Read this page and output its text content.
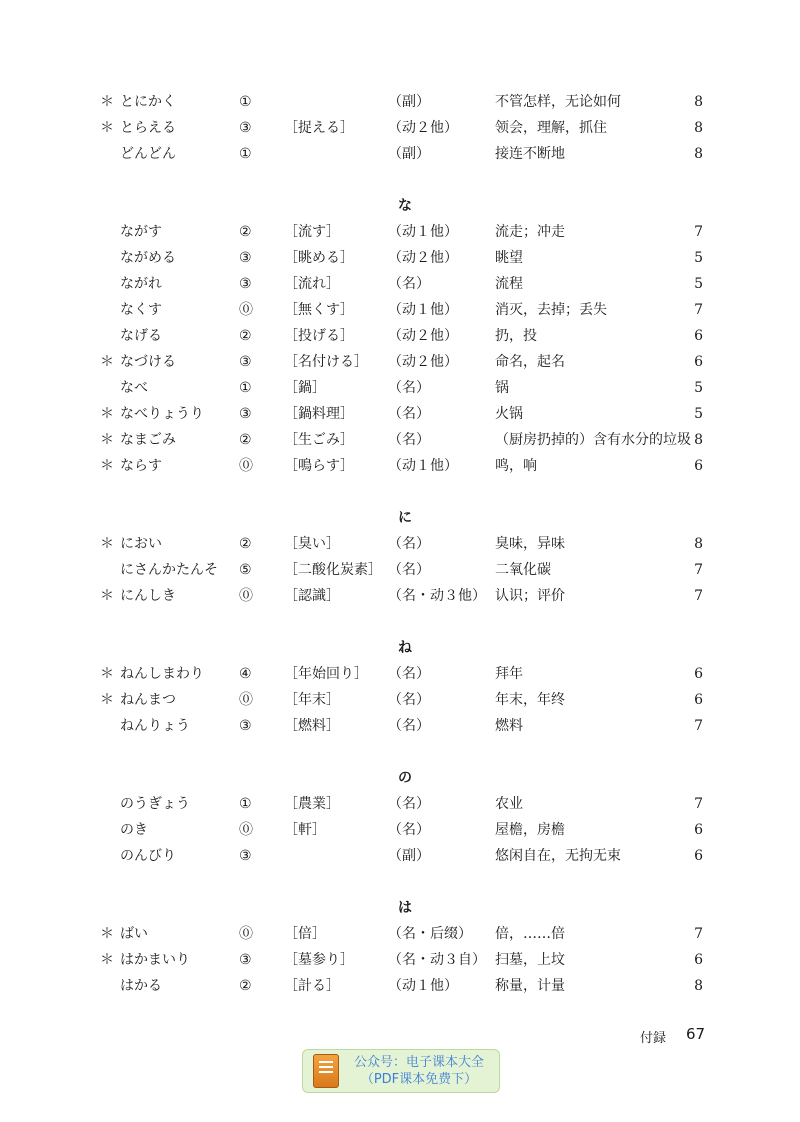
＊ とにかく	①	（副）	不管怎样，无论如何	8
＊ とらえる	③ ［捉える］ （动２他）	领会，理解，抓住	8
どんどん	①	（副）	接连不断地	8
な
ながす	② ［流す］	（动１他）	流走；冲走	7
ながめる	③ ［眺める］ （动２他）	眺望	5
ながれ	③ ［流れ］	（名）	流程	5
なくす	⓪ ［無くす］ （动１他）	消灭，去掉；丢失	7
なげる	② ［投げる］ （动２他）	扔，投	6
＊ なづける	③ ［名付ける］ （动２他）	命名，起名	6
なべ	① ［鍋］	（名）	锅	5
＊ なべりょうり	③ ［鍋料理］ （名）	火锅	5
＊ なまごみ	② ［生ごみ］ （名）	（厨房扔掉的）含有水分的垃圾 8
＊ ならす	⓪ ［鳴らす］ （动１他）	鸣，响	6
に
＊ におい	② ［臭い］	（名）	臭味，异味	8
にさんかたんそ ⑤ ［二酸化炭素］ （名）	二氧化碳	7
＊ にんしき	⓪ ［認識］	（名・动３他） 认识；评价	7
ね
＊ ねんしまわり	④ ［年始回り］ （名）	拜年	6
＊ ねんまつ	⓪ ［年末］	（名）	年末，年终	6
ねんりょう	③ ［燃料］	（名）	燃料	7
の
のうぎょう	① ［農業］	（名）	农业	7
のき	⓪ ［軒］	（名）	屋檐，房檐	6
のんびり	③	（副）	悠闲自在，无拘无束	6
は
＊ ばい	⓪ ［倍］	（名・后缀） 倍，……倍	7
＊ はかまいり	③ ［墓参り］ （名・动３自） 扫墓，上坟	6
はかる	② ［計る］	（动１他）	称量，计量	8
付録 67
公众号：电子课本大全
（PDF课本免费下）
